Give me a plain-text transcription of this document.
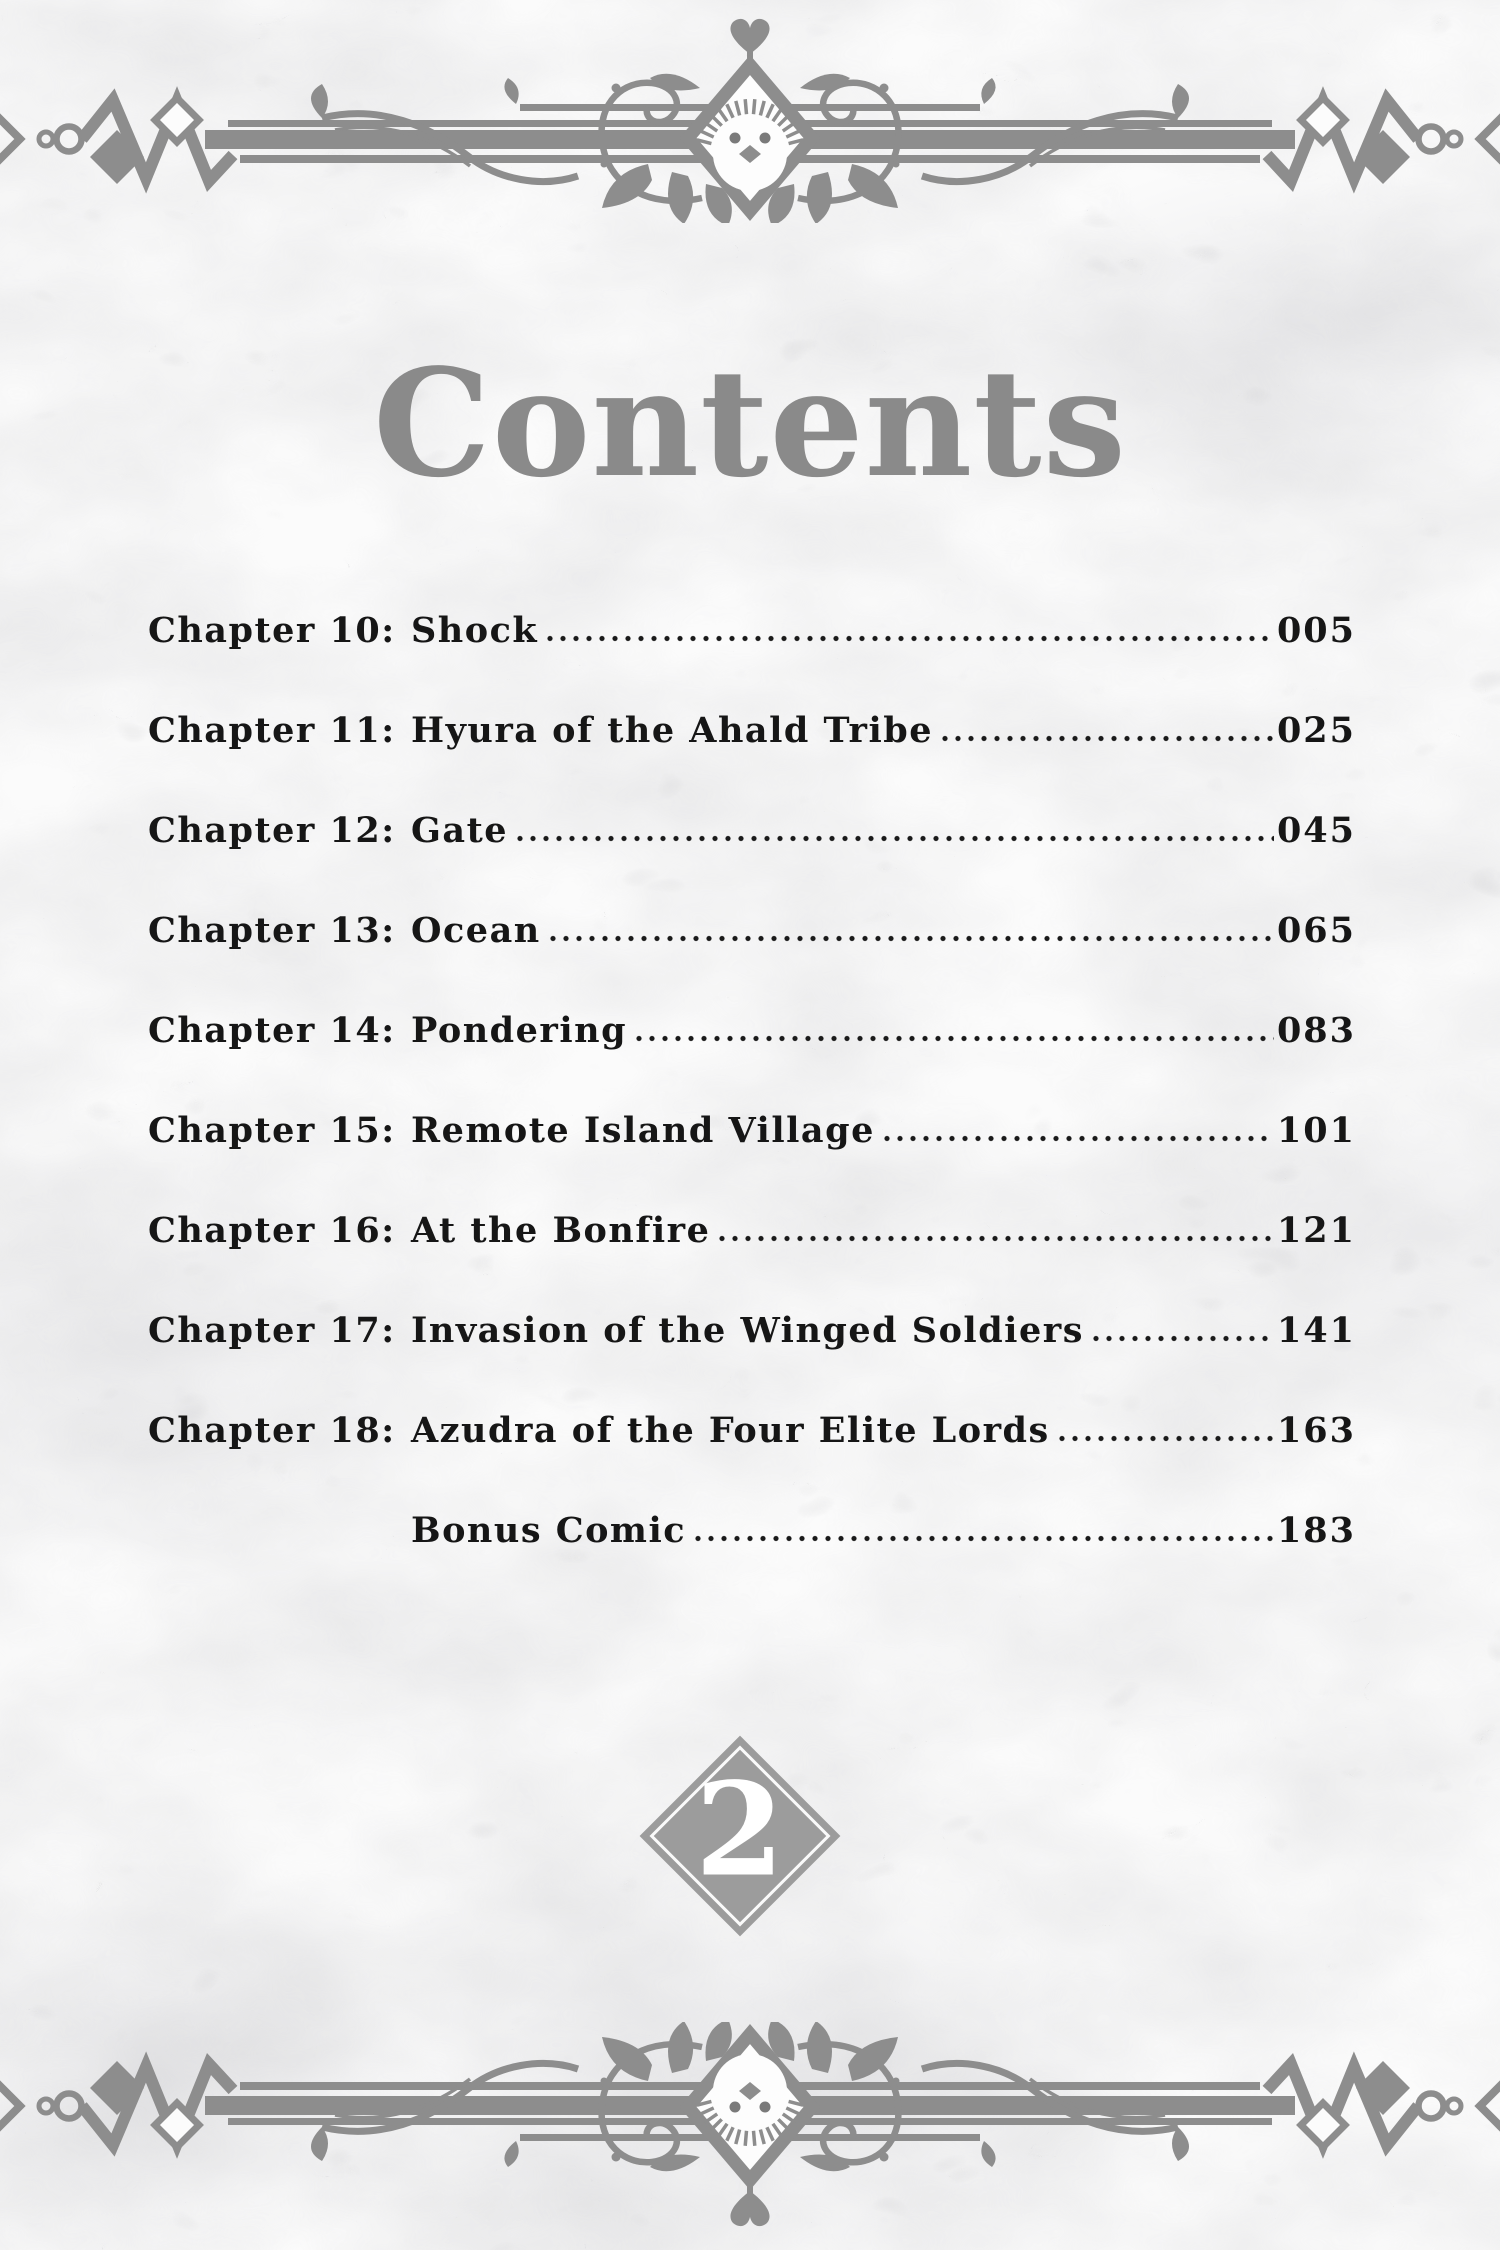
Contents
Chapter 10: Shock	005
Chapter 11: Hyura of the Ahald Tribe	025
Chapter 12: Gate	045
Chapter 13: Ocean	065
Chapter 14: Pondering	083
Chapter 15: Remote Island Village	101
Chapter 16: At the Bonfire	121
Chapter 17: Invasion of the Winged Soldiers	141
Chapter 18: Azudra of the Four Elite Lords	163
Bonus Comic	183
2
